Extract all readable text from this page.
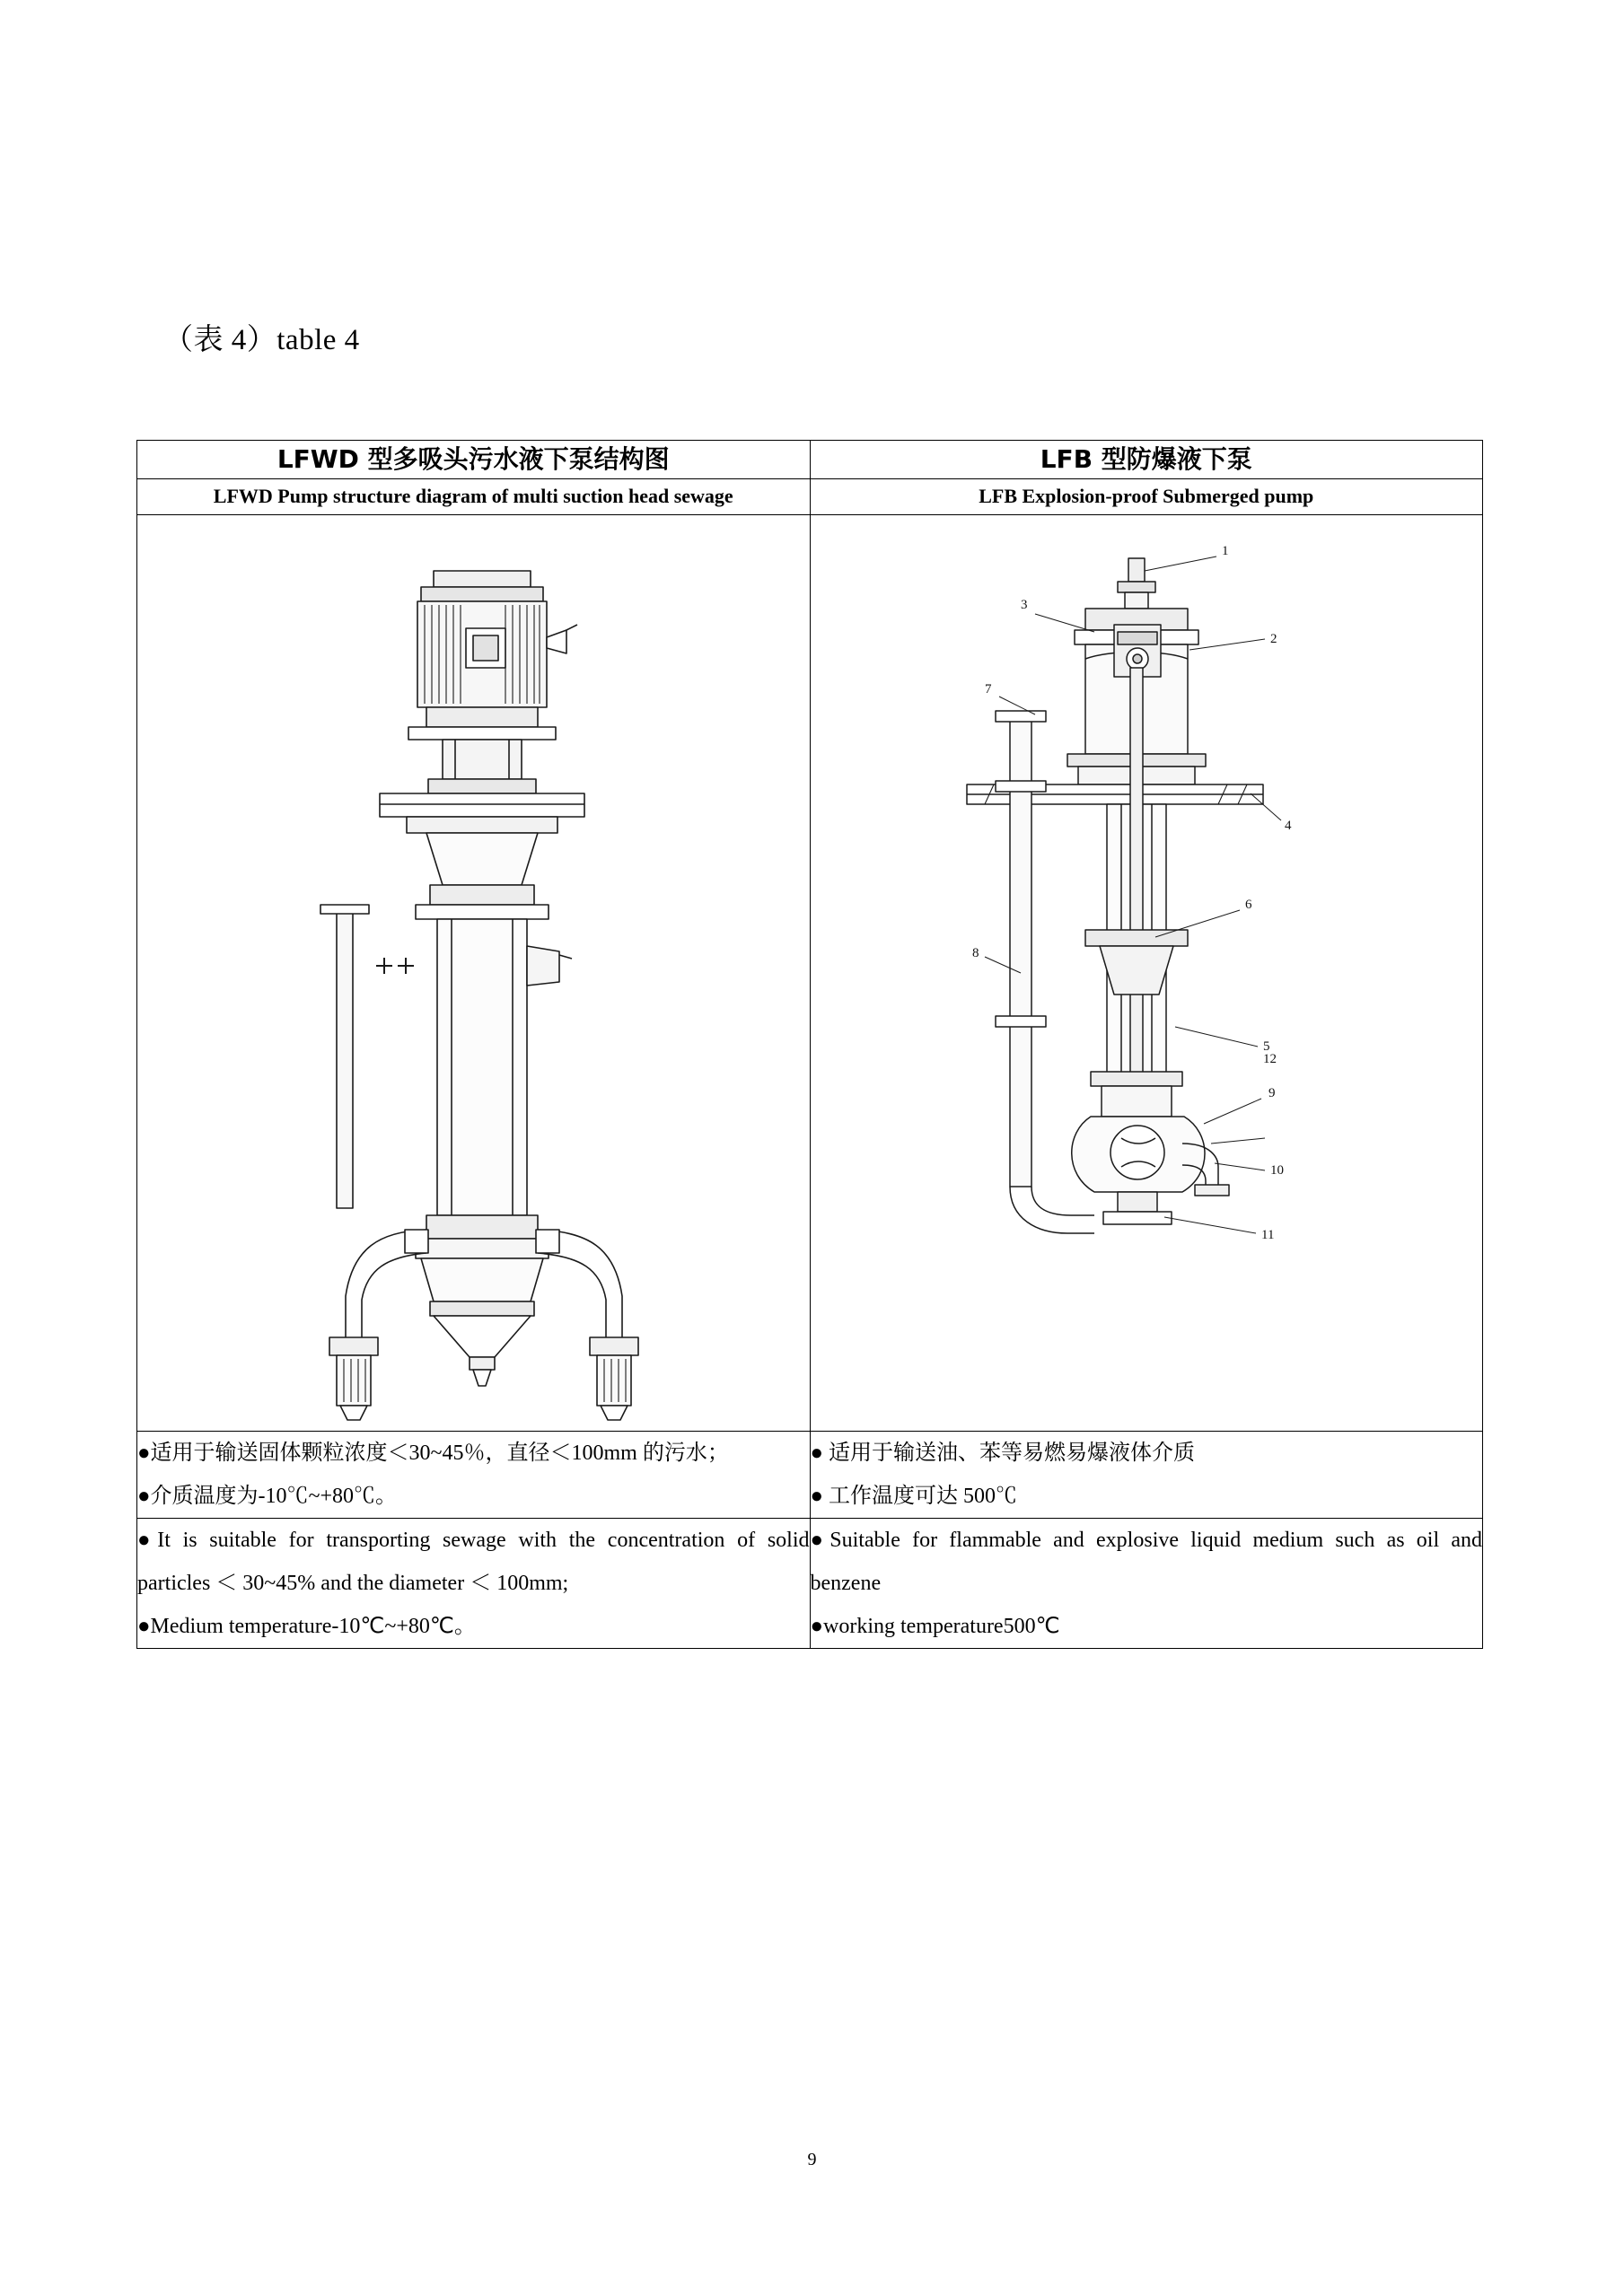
（表 4）table 4
LFWD 型多吸头污水液下泵结构图	LFB 型防爆液下泵
LFWD Pump structure diagram of multi suction head sewage	LFB Explosion-proof Submerged pump

1
2
3
4
5
6
7
8
9
10
11
12

●适用于输送固体颗粒浓度＜30~45％，直径＜100mm 的污水；
●介质温度为-10℃~+80℃。

● 适用于输送油、苯等易燃易爆液体介质
● 工作温度可达 500℃

●It is suitable for transporting sewage with the concentration of solid particles ＜ 30~45% and the diameter ＜ 100mm;
●Medium temperature-10℃~+80℃。

●Suitable for flammable and explosive liquid medium such as oil and benzene
●working temperature500℃
9
